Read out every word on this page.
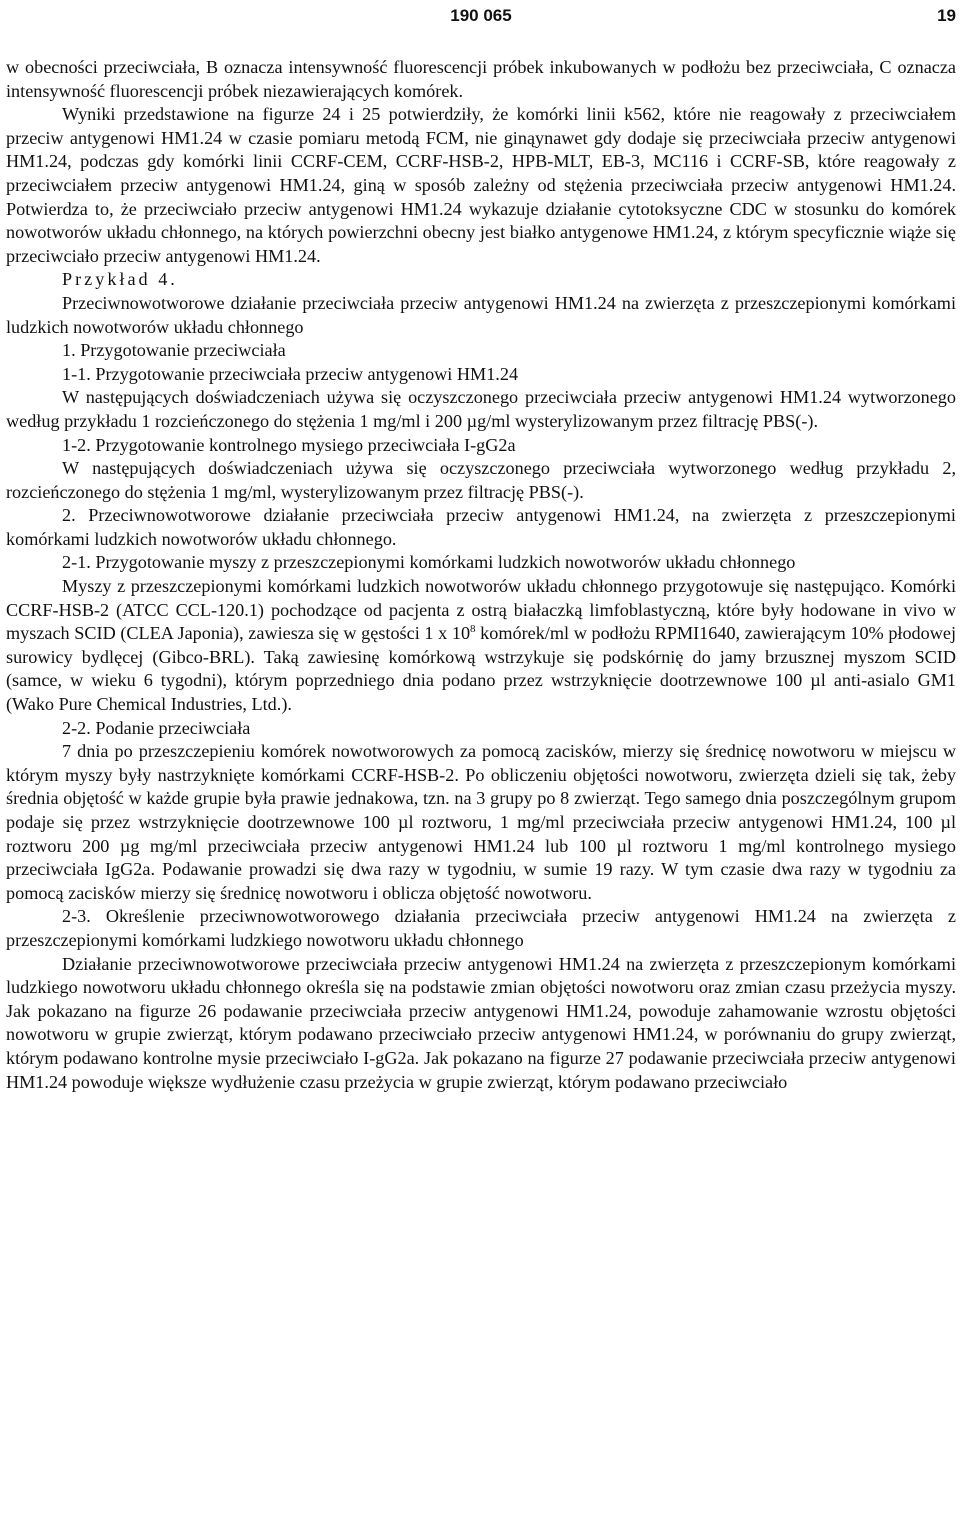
190 065	19

w obecności przeciwciała, B oznacza intensywność fluorescencji próbek inkubowanych w podłożu bez przeciwciała, C oznacza intensywność fluorescencji próbek niezawierających komórek.

Wyniki przedstawione na figurze 24 i 25 potwierdziły, że komórki linii k562, które nie reagowały z przeciwciałem przeciw antygenowi HM1.24 w czasie pomiaru metodą FCM, nie ginąynawet gdy dodaje się przeciwciała przeciw antygenowi HM1.24, podczas gdy komórki linii CCRF-CEM, CCRF-HSB-2, HPB-MLT, EB-3, MC116 i CCRF-SB, które reagowały z przeciwciałem przeciw antygenowi HM1.24, giną w sposób zależny od stężenia przeciwciała przeciw antygenowi HM1.24. Potwierdza to, że przeciwciało przeciw antygenowi HM1.24 wykazuje działanie cytotoksyczne CDC w stosunku do komórek nowotworów układu chłonnego, na których powierzchni obecny jest białko antygenowe HM1.24, z którym specyficznie wiąże się przeciwciało przeciw antygenowi HM1.24.

Przykład 4.

Przeciwnowotworowe działanie przeciwciała przeciw antygenowi HM1.24 na zwierzęta z przeszczepionymi komórkami ludzkich nowotworów układu chłonnego

1. Przygotowanie przeciwciała

1-1. Przygotowanie przeciwciała przeciw antygenowi HM1.24

W następujących doświadczeniach używa się oczyszczonego przeciwciała przeciw antygenowi HM1.24 wytworzonego według przykładu 1 rozcieńczonego do stężenia 1 mg/ml i 200 µg/ml wysterylizowanym przez filtrację PBS(-).

1-2. Przygotowanie kontrolnego mysiego przeciwciała I-gG2a

W następujących doświadczeniach używa się oczyszczonego przeciwciała wytworzonego według przykładu 2, rozcieńczonego do stężenia 1 mg/ml, wysterylizowanym przez filtrację PBS(-).

2. Przeciwnowotworowe działanie przeciwciała przeciw antygenowi HM1.24, na zwierzęta z przeszczepionymi komórkami ludzkich nowotworów układu chłonnego.

2-1. Przygotowanie myszy z przeszczepionymi komórkami ludzkich nowotworów układu chłonnego

Myszy z przeszczepionymi komórkami ludzkich nowotworów układu chłonnego przygotowuje się następująco. Komórki CCRF-HSB-2 (ATCC CCL-120.1) pochodzące od pacjenta z ostrą białaczką limfoblastyczną, które były hodowane in vivo w myszach SCID (CLEA Japonia), zawiesza się w gęstości 1 x $10^8$ komórek/ml w podłożu RPMI1640, zawierającym 10% płodowej surowicy bydlęcej (Gibco-BRL). Taką zawiesinę komórkową wstrzykuje się podskórnię do jamy brzusznej myszom SCID (samce, w wieku 6 tygodni), którym poprzedniego dnia podano przez wstrzyknięcie dootrzewnowe 100 µl anti-asialo GM1 (Wako Pure Chemical Industries, Ltd.).

2-2. Podanie przeciwciała

7 dnia po przeszczepieniu komórek nowotworowych za pomocą zacisków, mierzy się średnicę nowotworu w miejscu w którym myszy były nastrzyknięte komórkami CCRF-HSB-2. Po obliczeniu objętości nowotworu, zwierzęta dzieli się tak, żeby średnia objętość w każde grupie była prawie jednakowa, tzn. na 3 grupy po 8 zwierząt. Tego samego dnia poszczególnym grupom podaje się przez wstrzyknięcie dootrzewnowe 100 µl roztworu, 1 mg/ml przeciwciała przeciw antygenowi HM1.24, 100 µl roztworu 200 µg mg/ml przeciwciała przeciw antygenowi HM1.24 lub 100 µl roztworu 1 mg/ml kontrolnego mysiego przeciwciała IgG2a. Podawanie prowadzi się dwa razy w tygodniu, w sumie 19 razy. W tym czasie dwa razy w tygodniu za pomocą zacisków mierzy się średnicę nowotworu i oblicza objętość nowotworu.

2-3. Określenie przeciwnowotworowego działania przeciwciała przeciw antygenowi HM1.24 na zwierzęta z przeszczepionymi komórkami ludzkiego nowotworu układu chłonnego

Działanie przeciwnowotworowe przeciwciała przeciw antygenowi HM1.24 na zwierzęta z przeszczepionym komórkami ludzkiego nowotworu układu chłonnego określa się na podstawie zmian objętości nowotworu oraz zmian czasu przeżycia myszy. Jak pokazano na figurze 26 podawanie przeciwciała przeciw antygenowi HM1.24, powoduje zahamowanie wzrostu objętości nowotworu w grupie zwierząt, którym podawano przeciwciało przeciw antygenowi HM1.24, w porównaniu do grupy zwierząt, którym podawano kontrolne mysie przeciwciało I-gG2a. Jak pokazano na figurze 27 podawanie przeciwciała przeciw antygenowi HM1.24 powoduje większe wydłużenie czasu przeżycia w grupie zwierząt, którym podawano przeciwciało
